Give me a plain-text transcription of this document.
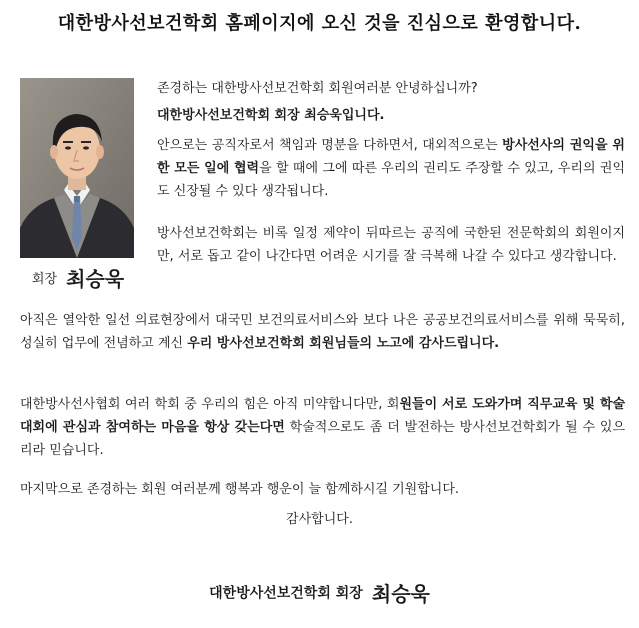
대한방사선보건학회 홈페이지에 오신 것을 진심으로 환영합니다.
회장 최승욱
존경하는 대한방사선보건학회 회원여러분 안녕하십니까?
대한방사선보건학회 회장 최승욱입니다.
안으로는 공직자로서 책임과 명분을 다하면서, 대외적으로는 방사선사의 권익을 위한 모든 일에 협력을 할 때에 그에 따른 우리의 권리도 주장할 수 있고, 우리의 권익도 신장될 수 있다 생각됩니다.
방사선보건학회는 비록 일정 제약이 뒤따르는 공직에 국한된 전문학회의 회원이지만, 서로 돕고 같이 나간다면 어려운 시기를 잘 극복해 나갈 수 있다고 생각합니다.
아직은 열악한 일선 의료현장에서 대국민 보건의료서비스와 보다 나은 공공보건의료서비스를 위해 묵묵히, 성실히 업무에 전념하고 계신 우리 방사선보건학회 회원님들의 노고에 감사드립니다.
대한방사선사협회 여러 학회 중 우리의 힘은 아직 미약합니다만, 회원들이 서로 도와가며 직무교육 및 학술대회에 관심과 참여하는 마음을 항상 갖는다면 학술적으로도 좀 더 발전하는 방사선보건학회가 될 수 있으리라 믿습니다.
마지막으로 존경하는 회원 여러분께 행복과 행운이 늘 함께하시길 기원합니다.
감사합니다.
대한방사선보건학회 회장 최승욱
